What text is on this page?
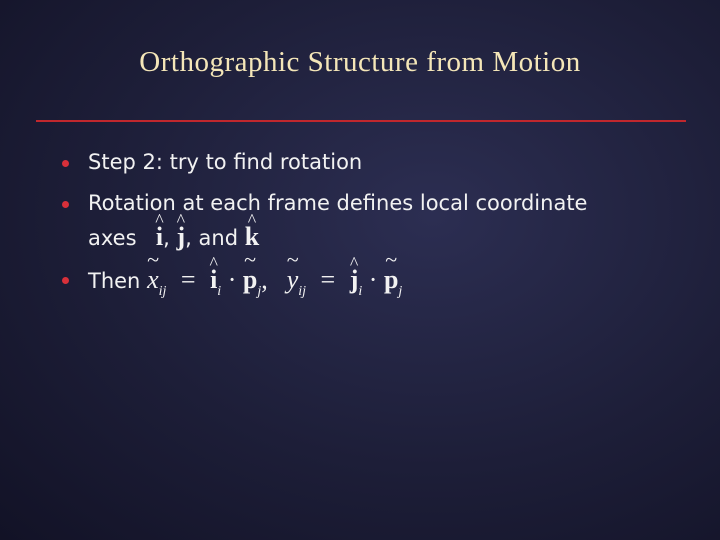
Orthographic Structure from Motion
Step 2: try to find rotation
Rotation at each frame defines local coordinate
axes ^ i, ^ j, and ^ k
Then ~ $x_{ij}$ = ^ $i_i$ · ~ $p_j$, ~ $y_{ij}$ = ^ $j_i$ · ~ $p_j$
